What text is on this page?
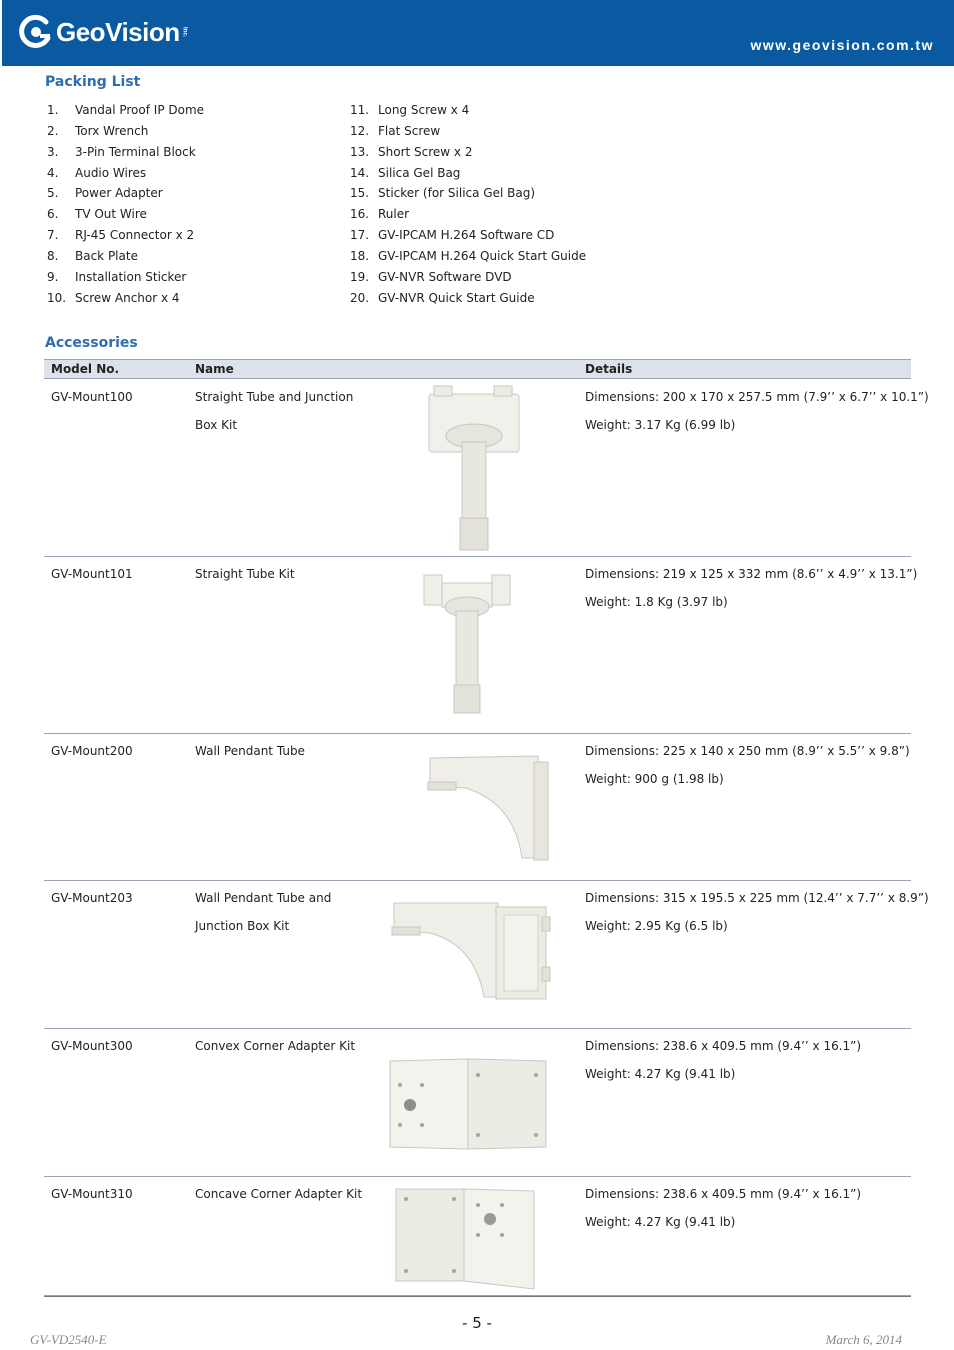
GeoVision Inc.
www.geovision.com.tw
Packing List
1. Vandal Proof IP Dome
2. Torx Wrench
3. 3-Pin Terminal Block
4. Audio Wires
5. Power Adapter
6. TV Out Wire
7. RJ-45 Connector x 2
8. Back Plate
9. Installation Sticker
10. Screw Anchor x 4
11. Long Screw x 4
12. Flat Screw
13. Short Screw x 2
14. Silica Gel Bag
15. Sticker (for Silica Gel Bag)
16. Ruler
17. GV-IPCAM H.264 Software CD
18. GV-IPCAM H.264 Quick Start Guide
19. GV-NVR Software DVD
20. GV-NVR Quick Start Guide
Accessories
Model No.	Name	Details
GV-Mount100	Straight Tube and Junction Box Kit
Dimensions: 200 x 170 x 257.5 mm (7.9’’ x 6.7’’ x 10.1”)
Weight: 3.17 Kg (6.99 lb)
GV-Mount101	Straight Tube Kit	Dimensions: 219 x 125 x 332 mm (8.6’’ x 4.9’’ x 13.1”)
Weight: 1.8 Kg (3.97 lb)
GV-Mount200	Wall Pendant Tube	Dimensions: 225 x 140 x 250 mm (8.9’’ x 5.5’’ x 9.8”)
Weight: 900 g (1.98 lb)
GV-Mount203	Wall Pendant Tube and Junction Box Kit
Dimensions: 315 x 195.5 x 225 mm (12.4’’ x 7.7’’ x 8.9”)
Weight: 2.95 Kg (6.5 lb)
GV-Mount300	Convex Corner Adapter Kit	Dimensions: 238.6 x 409.5 mm (9.4’’ x 16.1”)
Weight: 4.27 Kg (9.41 lb)
GV-Mount310	Concave Corner Adapter Kit	Dimensions: 238.6 x 409.5 mm (9.4’’ x 16.1”)
Weight: 4.27 Kg (9.41 lb)
- 5 -
GV-VD2540-E	March 6, 2014
